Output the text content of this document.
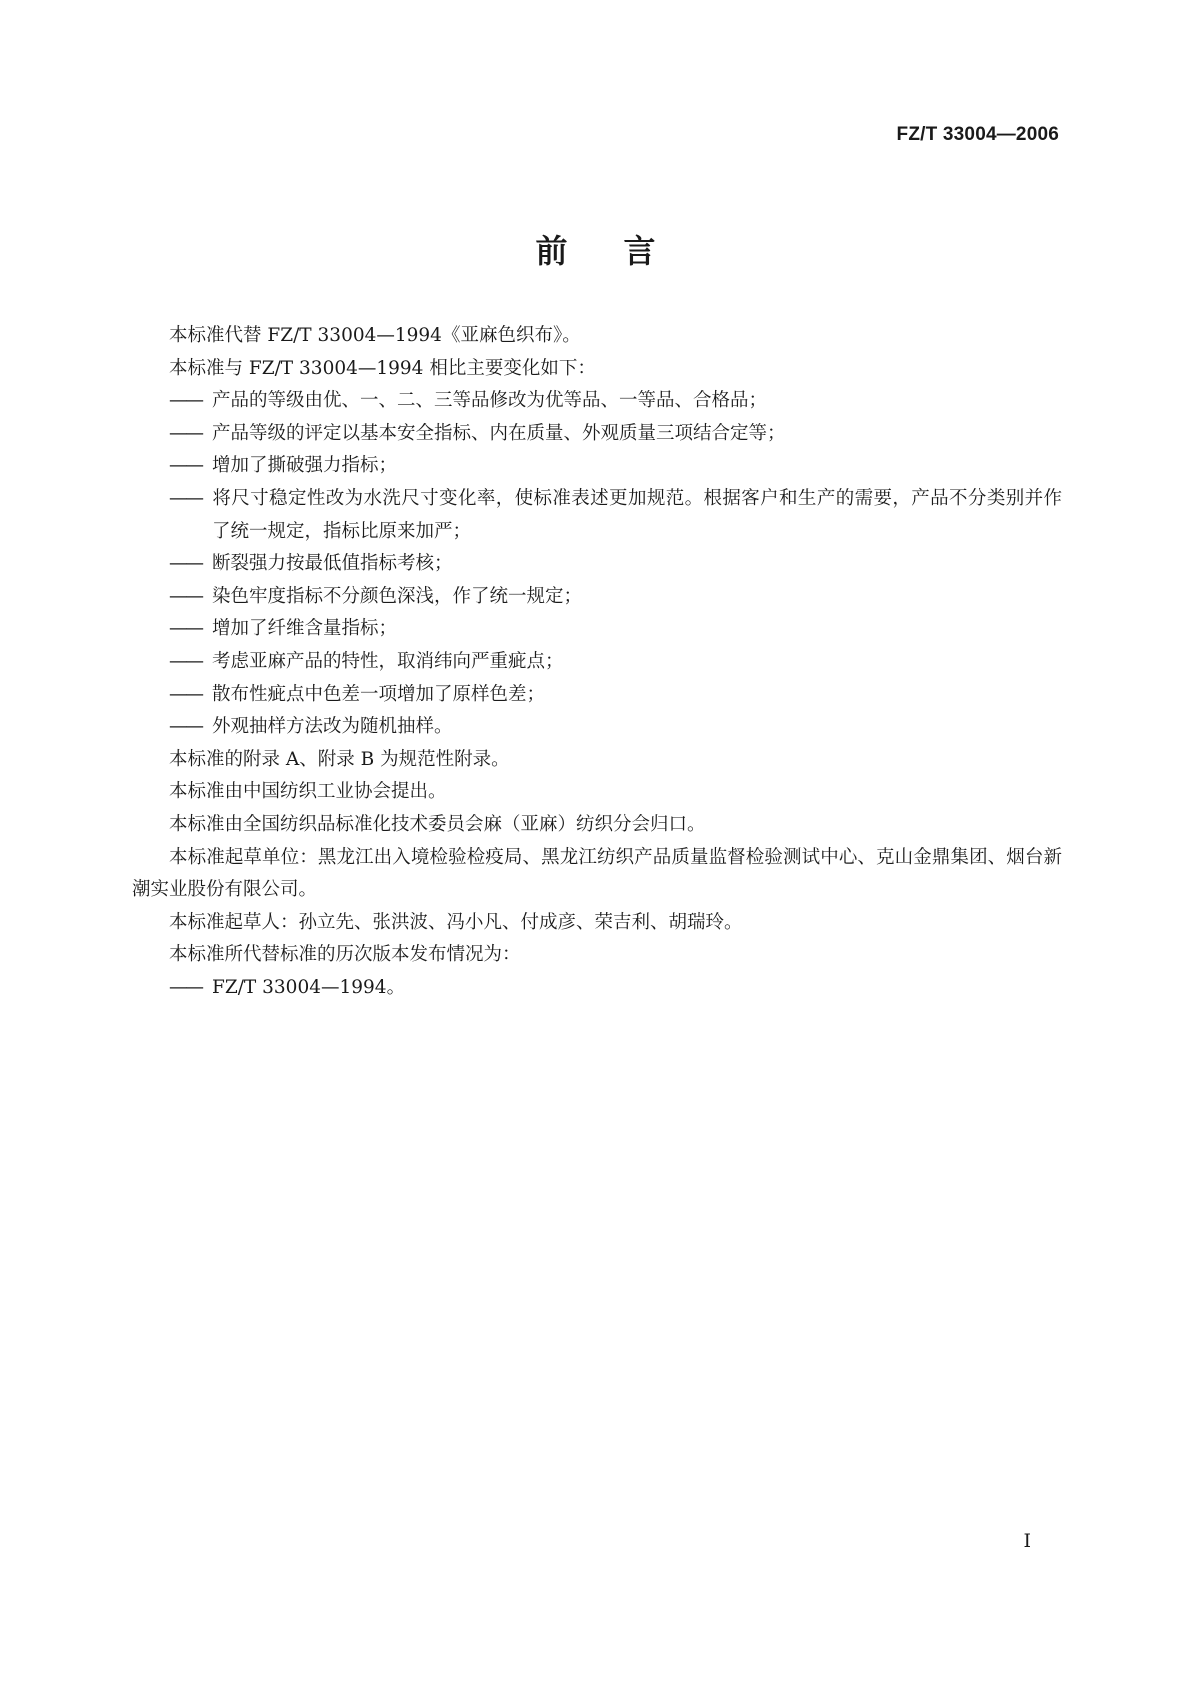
FZ/T 33004—2006
前言

本标准代替 FZ/T 33004—1994《亚麻色织布》。

本标准与 FZ/T 33004—1994 相比主要变化如下：

—— 产品的等级由优、一、二、三等品修改为优等品、一等品、合格品；

—— 产品等级的评定以基本安全指标、内在质量、外观质量三项结合定等；

—— 增加了撕破强力指标；

—— 将尺寸稳定性改为水洗尺寸变化率，使标准表述更加规范。根据客户和生产的需要，产品不分类别并作了统一规定，指标比原来加严；

—— 断裂强力按最低值指标考核；

—— 染色牢度指标不分颜色深浅，作了统一规定；

—— 增加了纤维含量指标；

—— 考虑亚麻产品的特性，取消纬向严重疵点；

—— 散布性疵点中色差一项增加了原样色差；

—— 外观抽样方法改为随机抽样。

本标准的附录 A、附录 B 为规范性附录。

本标准由中国纺织工业协会提出。

本标准由全国纺织品标准化技术委员会麻（亚麻）纺织分会归口。

本标准起草单位：黑龙江出入境检验检疫局、黑龙江纺织产品质量监督检验测试中心、克山金鼎集团、烟台新潮实业股份有限公司。

本标准起草人：孙立先、张洪波、冯小凡、付成彦、荣吉利、胡瑞玲。

本标准所代替标准的历次版本发布情况为：

—— FZ/T 33004—1994。

I
